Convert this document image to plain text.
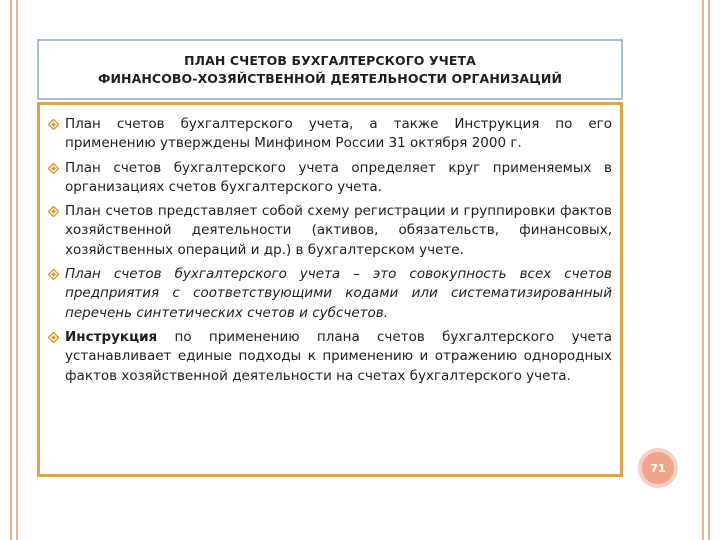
ПЛАН СЧЕТОВ БУХГАЛТЕРСКОГО УЧЕТА
ФИНАНСОВО-ХОЗЯЙСТВЕННОЙ ДЕЯТЕЛЬНОСТИ ОРГАНИЗАЦИЙ
План счетов бухгалтерского учета, а также Инструкция по его применению утверждены Минфином России 31 октября 2000 г.
План счетов бухгалтерского учета определяет круг применяемых в организациях счетов бухгалтерского учета.
План счетов представляет собой схему регистрации и группировки фактов хозяйственной деятельности (активов, обязательств, финансовых, хозяйственных операций и др.) в бухгалтерском учете.
План счетов бухгалтерского учета – это совокупность всех счетов предприятия с соответствующими кодами или систематизированный перечень синтетических счетов и субсчетов.
Инструкция по применению плана счетов бухгалтерского учета устанавливает единые подходы к применению и отражению однородных фактов хозяйственной деятельности на счетах бухгалтерского учета.
71
